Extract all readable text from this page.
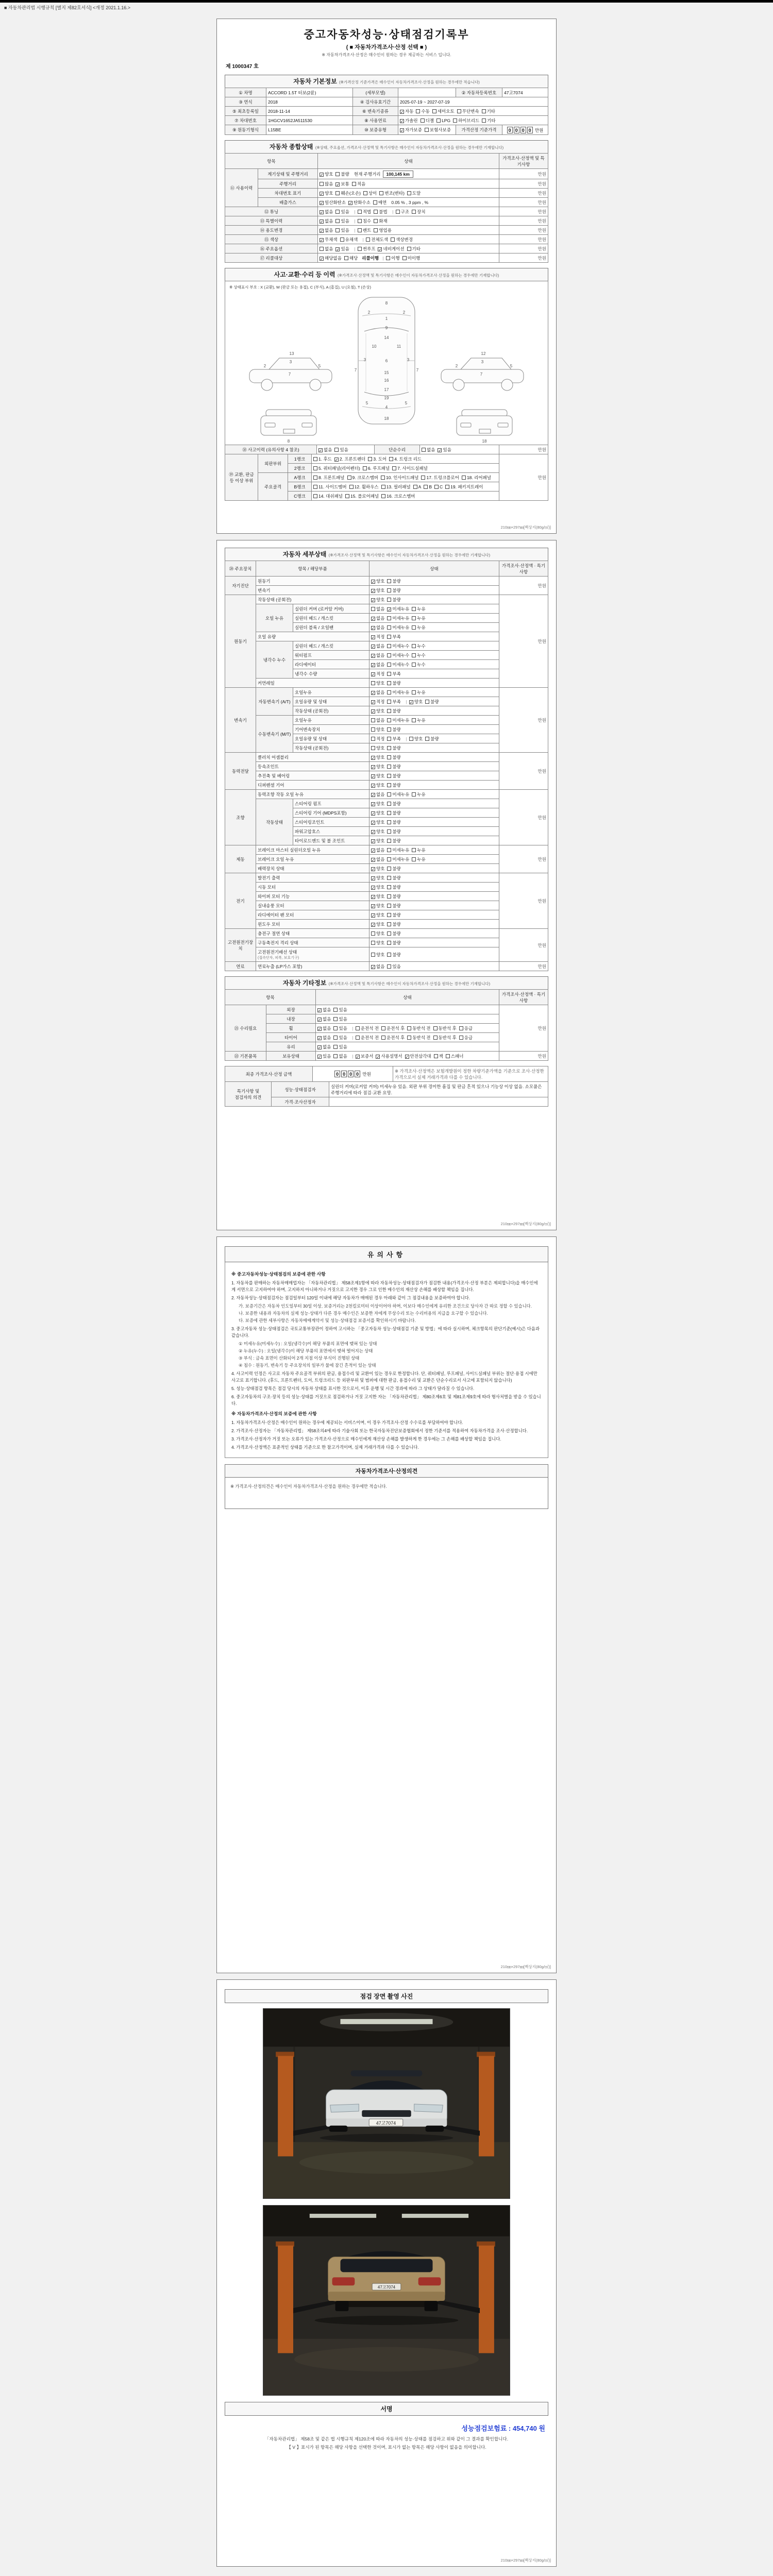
■ 자동차관리법 시행규칙 [별지 제82호서식] <개정 2021.1.16.>
중고자동차성능·상태점검기록부
( ■ 자동차가격조사·산정 선택 ■ )
※ 자동차가격조사·산정은 매수인이 원하는 경우 제공하는 서비스 입니다.
제 1000347 호
자동차 기본정보 (※가격산정 기준가격은 매수인이 자동차가격조사·산정을 원하는 경우에만 적습니다)
① 차명	ACCORD 1.5T 터보(2륜)	(세부모델)		② 자동차등록번호	47고7074
③ 연식	2018	④ 검사유효기간	2025-07-19 ~ 2027-07-19		
⑤ 최초등록일	2018-11-14	⑥ 변속기종류	✓ 자동 수동 세미오토 무단변속 기타		
⑦ 차대번호	1HGCV1652JA511530	⑧ 사용연료	✓ 가솔린 디젤 LPG 하이브리드 기타		
⑨ 원동기형식	L15BE	⑩ 보증유형	✓ 자가보증 보험사보증	가격산정 기준가격	0 0 0 0 만원
자동차 종합상태 (※상태, 주요옵션, 가격조사·산정액 및 특기사항은 매수인이 자동차가격조사·산정을 원하는 경우에만 기재합니다)
항목		상태	가격조사·산정액 및 특기사항
⑪ 사용이력	계기상태 및 주행거리	✓ 양호 불량 현재 주행거리 100,145 km	만원
	주행거리	많음 ✓ 보통 적음	만원
	차대번호 표기	✓ 양호 훼손(오손) 상이 변조(변타) 도말	만원
	배출가스	✓ 일산화탄소 ✓ 탄화수소 매연 0.05 % , 3 ppm , %	만원
⑫ 튜닝		✓ 없음 있음 | 적법 불법 | 구조 장치	만원
⑬ 특별이력		✓ 없음 있음 | 침수 화재	만원
⑭ 용도변경		✓ 없음 있음 | 렌트 영업용	만원
⑮ 색상		✓ 무채색 유채색 | 전체도색 색상변경	만원
⑯ 주요옵션		없음 ✓ 있음 | 썬루프 ✓ 네비게이션 기타	만원
⑰ 리콜대상		✓ 해당없음 해당 리콜이행 | 이행 미이행	만원
사고·교환·수리 등 이력 (※가격조사·산정액 및 특기사항은 매수인이 자동차가격조사·산정을 원하는 경우에만 기재합니다)
※ 상태표시 부호 : X (교환), W (판금 또는 용접), C (부식), A (흠집), U (요철), T (손상)
8
1
9
14
2	2
10	11
6
3	3
7	7
15
16
17
19
4
5	5
18
2
3
5
13
7
2
3
5
12
7
8	18
⑱ 사고이력 (유의사항 4 참조)	✓ 없음 있음	단순수리	없음 ✓ 있음	만원
⑲ 교환, 판금 등 이상 부위	외판부위	1랭크	1. 후드 ✓ 2. 프론트펜더 3. 도어 4. 트렁크 리드	만원
		2랭크	5. 쿼터패널(리어펜더) 6. 루프패널 7. 사이드실패널	
	주요골격	A랭크	8. 프론트패널 9. 크로스멤버 10. 인사이드패널 17. 트렁크플로어 18. 리어패널	
		B랭크	11. 사이드멤버 12. 휠하우스 13. 필러패널 A B C 19. 패키지트레이	
		C랭크	14. 대쉬패널 15. 플로어패널 16. 크로스멤버	
210㎜×297㎜[백상지(80g/㎡)]
자동차 세부상태 (※가격조사·산정액 및 특기사항은 매수인이 자동차가격조사·산정을 원하는 경우에만 기재합니다)
⑳ 주요장치	항목 / 해당부품		상태	가격조사·산정액 · 특기사항
자기진단	원동기		✓ 양호 불량	만원
	변속기		✓ 양호 불량	
원동기	작동상태 (공회전)		✓ 양호 불량	만원
	오일 누유	실린더 커버 (로커암 커버)	없음 ✓ 미세누유 누유	
		실린더 헤드 / 개스킷	✓ 없음 미세누유 누유	
		실린더 블록 / 오일팬	✓ 없음 미세누유 누유	
	오일 유량		✓ 적정 부족	
	냉각수 누수	실린더 헤드 / 개스킷	✓ 없음 미세누수 누수	
		워터펌프	✓ 없음 미세누수 누수	
		라디에이터	✓ 없음 미세누수 누수	
		냉각수 수량	✓ 적정 부족	
	커먼레일		양호 불량	
변속기	자동변속기 (A/T)	오일누유	✓ 없음 미세누유 누유	만원
		오일유량 및 상태	✓ 적정 부족 | ✓ 양호 불량	
		작동상태 (공회전)	✓ 양호 불량	
	수동변속기 (M/T)	오일누유	없음 미세누유 누유	
		기어변속장치	양호 불량	
		오일유량 및 상태	적정 부족 | 양호 불량	
		작동상태 (공회전)	양호 불량	
동력전달	클러치 어셈블리		✓ 양호 불량	만원
	등속조인트		✓ 양호 불량	
	추진축 및 베어링		✓ 양호 불량	
	디퍼렌셜 기어		✓ 양호 불량	
조향	동력조향 작동 오일 누유		✓ 없음 미세누유 누유	만원
	작동상태	스티어링 펌프	✓ 양호 불량	
		스티어링 기어 (MDPS포함)	✓ 양호 불량	
		스티어링조인트	✓ 양호 불량	
		파워고압호스	✓ 양호 불량	
		타이로드엔드 및 볼 조인트	✓ 양호 불량	
제동	브레이크 마스터 실린더오일 누유		✓ 없음 미세누유 누유	만원
	브레이크 오일 누유		✓ 없음 미세누유 누유	
	배력장치 상태		✓ 양호 불량	
전기	발전기 출력		✓ 양호 불량	만원
	시동 모터		✓ 양호 불량	
	와이퍼 모터 기능		✓ 양호 불량	
	실내송풍 모터		✓ 양호 불량	
	라디에이터 팬 모터		✓ 양호 불량	
	윈도우 모터		✓ 양호 불량	
고전원전기장치	충전구 절연 상태		양호 불량	만원
	구동축전지 격리 상태		양호 불량	
	고전원전기배선 상태
(접속단자, 피복, 보호기구)		양호 불량	
연료	연료누출 (LP가스 포함)		✓ 없음 있음	만원
자동차 기타정보 (※가격조사·산정액 및 특기사항은 매수인이 자동차가격조사·산정을 원하는 경우에만 기재합니다)
항목		상태	가격조사·산정액 · 특기사항
㉑ 수리필요	외장	✓ 없음 있음	만원
	내장	✓ 없음 있음	
	휠	✓ 없음 있음 | 운전석 전 운전석 후 동반석 전 동반석 후 응급	
	타이어	✓ 없음 있음 | 운전석 전 운전석 후 동반석 전 동반석 후 응급	
	유리	✓ 없음 있음	
㉒ 기본품목	보유상태	✓ 있음 없음 | ✓ 보증서 ✓ 사용설명서 ✓ 안전삼각대 잭 스패너	만원
최종 가격조사·산정 금액	0 0 0 0 만원	※ 가격조사·산정액은 보험개발원이 정한 차량기준가액을 기준으로 조사·산정한 가격으로서 실제 거래가격과 다를 수 있습니다.
특기사항 및
점검자의 의견	성능·상태점검자	실린더 커버(로커암 커버) 미세누유 있음. 외판 부위 경미한 흠집 및 판금 흔적 있으나 기능상 이상 없음. 소모품은 주행거리에 따라 점검·교환 요망.
	가격·조사산정자	
210㎜×297㎜[백상지(80g/㎡)]
유의사항
※ 중고자동차성능·상태점검의 보증에 관한 사항
1. 자동차를 판매하는 자동차매매업자는 「자동차관리법」 제58조제1항에 따라 자동차성능·상태점검자가 점검한 내용(가격조사·산정 부분은 제외합니다)을 매수인에게 서면으로 고지하여야 하며, 고지하지 아니하거나 거짓으로 고지한 경우 그로 인한 매수인의 재산상 손해를 배상할 책임을 집니다.
2. 자동차성능·상태점검자는 점검일부터 120일 이내에 해당 자동차가 매매된 경우 아래와 같이 그 점검내용을 보증하여야 합니다.
가. 보증기간은 자동차 인도일부터 30일 이상, 보증거리는 2천킬로미터 이상이어야 하며, 이보다 매수인에게 유리한 조건으로 당사자 간 따로 정할 수 있습니다.
나. 보증한 내용과 자동차의 실제 성능·상태가 다른 경우 매수인은 보증한 자에게 무상수리 또는 수리비용의 지급을 요구할 수 있습니다.
다. 보증에 관한 세부사항은 자동차매매계약서 및 성능·상태점검 보증서를 확인하시기 바랍니다.
3. 중고자동차 성능·상태점검은 국토교통부장관이 정하여 고시하는 「중고자동차 성능·상태점검 기준 및 방법」에 따라 실시하며, 체크항목의 판단기준(예시)은 다음과 같습니다.
① 미세누유(미세누수) : 오일(냉각수)이 해당 부품의 표면에 맺혀 있는 상태
② 누유(누수) : 오일(냉각수)이 해당 부품의 표면에서 맺혀 떨어지는 상태
③ 부식 : 금속 표면이 산화되어 2개 지점 이상 부식이 진행된 상태
④ 침수 : 원동기, 변속기 등 주요장치의 일부가 물에 잠긴 흔적이 있는 상태
4. 사고이력 인정은 사고로 자동차 주요골격 부위의 판금, 용접수리 및 교환이 있는 경우로 한정합니다. 단, 쿼터패널, 루프패널, 사이드실패널 부위는 절단·용접 시에만 사고로 표기합니다. (후드, 프론트펜더, 도어, 트렁크리드 등 외판부위 및 범퍼에 대한 판금, 용접수리 및 교환은 단순수리로서 사고에 포함되지 않습니다)
5. 성능·상태점검 항목은 점검 당시의 자동차 상태를 표시한 것으로서, 이후 운행 및 시간 경과에 따라 그 상태가 달라질 수 있습니다.
6. 중고자동차의 구조·장치 등의 성능·상태를 거짓으로 점검하거나 거짓 고지한 자는 「자동차관리법」 제80조제6호 및 제81조제9호에 따라 형사처벌을 받을 수 있습니다.
※ 자동차가격조사·산정의 보증에 관한 사항
1. 자동차가격조사·산정은 매수인이 원하는 경우에 제공되는 서비스이며, 이 경우 가격조사·산정 수수료를 부담하여야 합니다.
2. 가격조사·산정자는 「자동차관리법」 제58조의4에 따라 기술사회 또는 한국자동차진단보증협회에서 정한 기준서를 적용하여 자동차가격을 조사·산정합니다.
3. 가격조사·산정자가 거짓 또는 오류가 있는 가격조사·산정으로 매수인에게 재산상 손해를 발생하게 한 경우에는 그 손해를 배상할 책임을 집니다.
4. 가격조사·산정액은 표준적인 상태를 기준으로 한 참고가격이며, 실제 거래가격과 다를 수 있습니다.
자동차가격조사·산정의견
※ 가격조사·산정의견은 매수인이 자동차가격조사·산정을 원하는 경우에만 적습니다.

210㎜×297㎜[백상지(80g/㎡)]
점검 장면 촬영 사진
47고7074
47고7074
서명
성능점검보험료 : 454,740 원
「자동차관리법」 제58조 및 같은 법 시행규칙 제120조에 따라 자동차의 성능·상태를 점검하고 위와 같이 그 결과를 확인합니다.
【 V 】표시가 된 항목은 해당 사항을 선택한 것이며, 표시가 없는 항목은 해당 사항이 없음을 의미합니다.
210㎜×297㎜[백상지(80g/㎡)]
